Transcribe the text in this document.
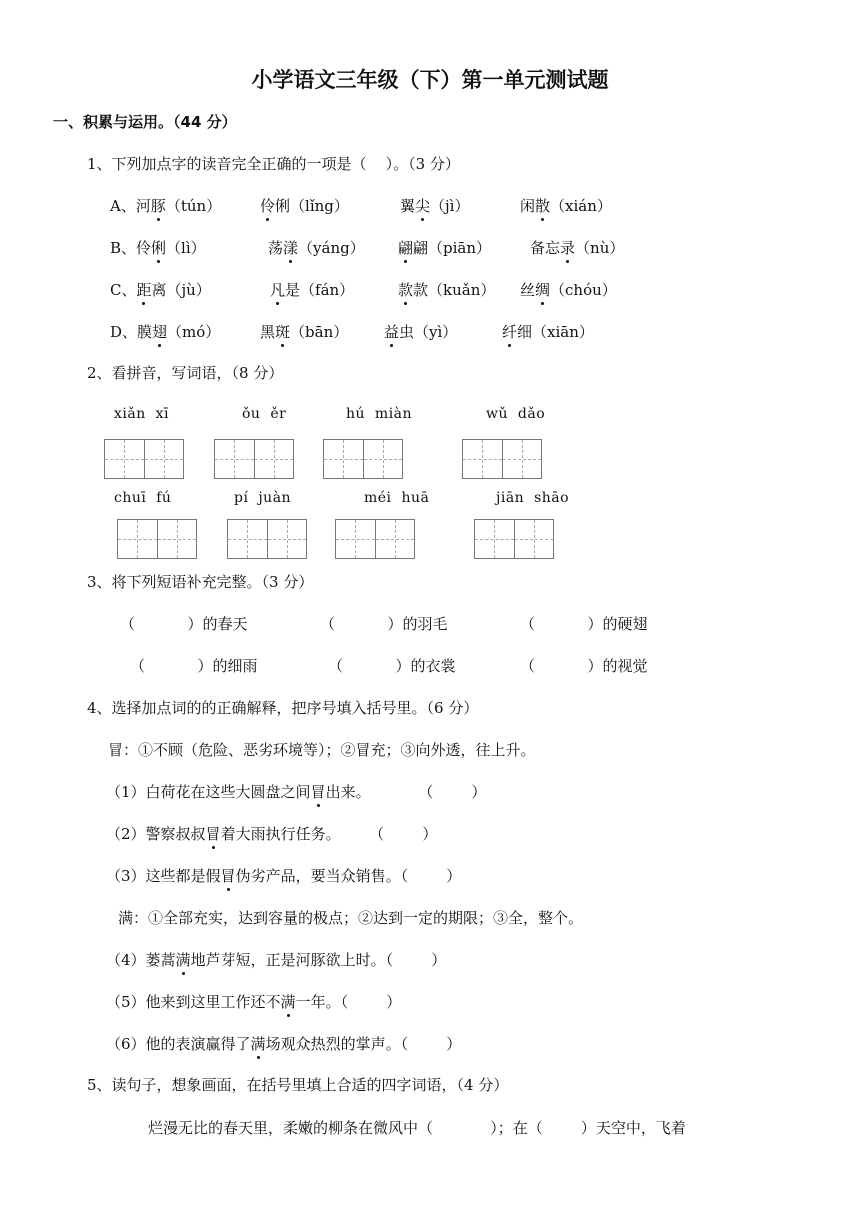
小学语文三年级（下）第一单元测试题
一、积累与运用。（44 分）
1、下列加点字的读音完全正确的一项是（    ）。（3 分）
A、河豚（tún）	伶俐（lǐng）	翼尖（jì）	闲散（xián）
B、伶俐（lì）	荡漾（yáng） 翩翩（piān）	备忘录（nù）
C、距离（jù）	凡是（fán）	款款（kuǎn） 丝绸（chóu）
D、膜翅（mó）	黑斑（bān） 益虫（yì）	纤细（xiān）
2、看拼音，写词语，（8 分）
xiǎn  xī	ǒu  ěr	hú  miàn	wǔ  dǎo
chuī  fú	pí  juàn	méi  huā	jiān  shāo
3、将下列短语补充完整。（3 分）
（           ）的春天	（           ）的羽毛	（           ）的硬翅
（           ）的细雨	（           ）的衣裳	（           ）的视觉
4、选择加点词的的正确解释，把序号填入括号里。（6 分）
冒：①不顾（危险、恶劣环境等）；②冒充；③向外透，往上升。
（1）白荷花在这些大圆盘之间冒出来。          （        ）
（2）警察叔叔冒着大雨执行任务。      （        ）
（3）这些都是假冒伪劣产品，要当众销售。（        ）
满：①全部充实，达到容量的极点；②达到一定的期限；③全，整个。
（4）蒌蒿满地芦芽短，正是河豚欲上时。（        ）
（5）他来到这里工作还不满一年。（        ）
（6）他的表演赢得了满场观众热烈的掌声。（        ）
5、读句子，想象画面，在括号里填上合适的四字词语，（4 分）
烂漫无比的春天里，柔嫩的柳条在微风中（            ）；在（        ）天空中，飞着
